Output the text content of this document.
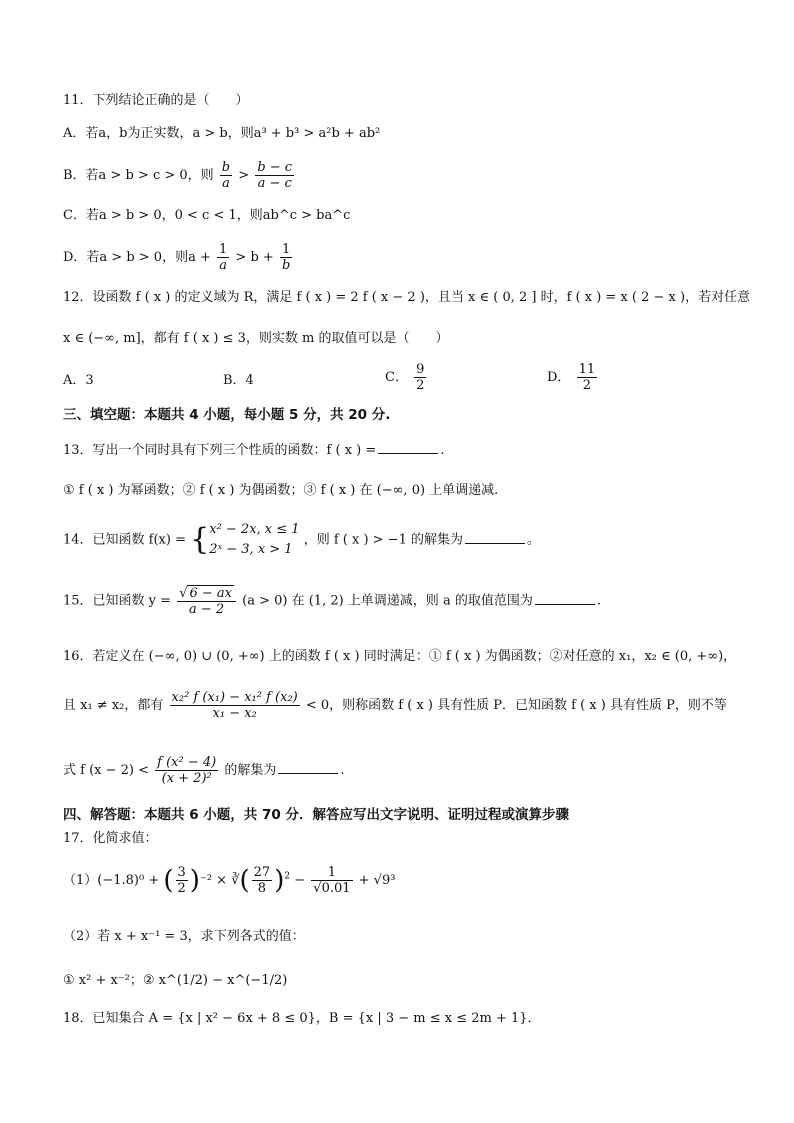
11．下列结论正确的是（　　）
A．若a，b为正实数，a > b，则a³ + b³ > a²b + ab²
B．若a > b > c > 0，则 $\frac{b}{a} > \frac{b - c}{a - c}$
C．若a > b > 0，0 < c < 1，则ab^c > ba^c
D．若a > b > 0，则$a + \frac{1}{a} > b + \frac{1}{b}$
12．设函数 f ( x ) 的定义域为 R，满足 f ( x ) = 2 f ( x − 2 )，且当 x ∈ ( 0, 2 ] 时，f ( x ) = x ( 2 − x )，若对任意
x ∈ (−∞, m]，都有 f ( x ) ≤ 3，则实数 m 的取值可以是（　　）
A．3	B．4	C． $\frac{9}{2}$	D． $\frac{11}{2}$
三、填空题：本题共 4 小题，每小题 5 分，共 20 分.
13．写出一个同时具有下列三个性质的函数：f ( x ) =	.
① f ( x ) 为幂函数；② f ( x ) 为偶函数；③ f ( x ) 在 (−∞, 0) 上单调递减.
14．已知函数 f(x) = { x² − 2x, x ≤ 1
2ˣ − 3, x > 1
，则 f ( x ) > −1 的解集为	。
15．已知函数 $y = \frac{√ 6 - ax}{a - 2} (a > 0)$ 在 (1, 2) 上单调递减，则 a 的取值范围为	.
16．若定义在 (−∞, 0) ∪ (0, +∞) 上的函数 f ( x ) 同时满足：① f ( x ) 为偶函数；②对任意的 x₁，x₂ ∈ (0, +∞)，
且 x₁ ≠ x₂，都有 $\frac{\text{x₂² f (x₁) − x₁² f (x₂)}}{\text{x₁ − x₂}} < 0$，则称函数 f ( x ) 具有性质 P．已知函数 f ( x ) 具有性质 P，则不等
式 f $(x - 2) < \frac{\text{f (x² − 4)}}{\text{(x + 2)²}}$ 的解集为	.
四、解答题：本题共 6 小题，共 70 分．解答应写出文字说明、证明过程或演算步骤
17．化简求值：
（1）(−1.8)⁰ + ( $\frac{3}{2} )^{-2}$ × ∛( $\frac{27}{8} )^2 - \frac{1}{√0.01} + √9^3$
（2）若 x + x⁻¹ = 3，求下列各式的值：
① x² + x⁻²；② x^(1/2) − x^(−1/2)
18．已知集合 A = {x | x² − 6x + 8 ≤ 0}，B = {x | 3 − m ≤ x ≤ 2m + 1}．
